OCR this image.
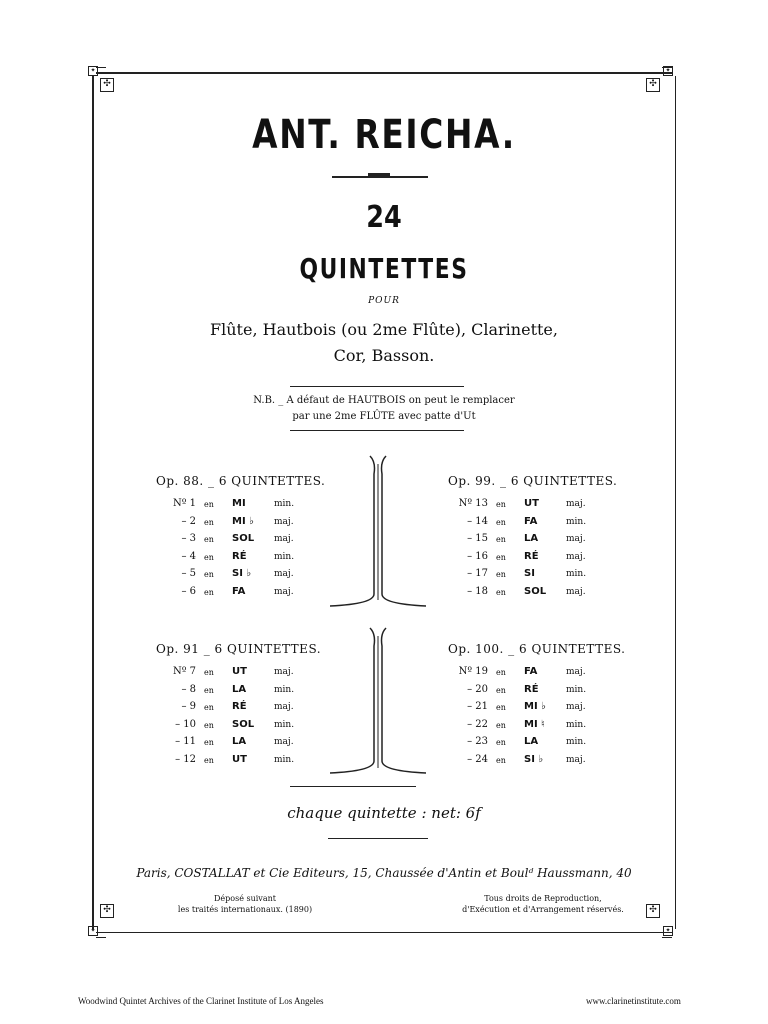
✣	✣
✣	✣
✦	✦
✦	✦
ANT. REICHA.
24
QUINTETTES
POUR
Flûte, Hautbois (ou 2me Flûte), Clarinette,
Cor, Basson.
N.B. _ A défaut de HAUTBOIS on peut le remplacer
par une 2me FLÛTE avec patte d'Ut
Op. 88. _ 6 QUINTETTES.
Nº 1 en MI	min.
– 2 en MI ♭ maj.
– 3 en SOL maj.
– 4 en RÉ	min.
– 5 en SI ♭	maj.
– 6 en FA	maj.
Op. 99. _ 6 QUINTETTES.
Nº 13 en UT	maj.
– 14 en FA	min.
– 15 en LA	maj.
– 16 en RÉ	maj.
– 17 en SI	min.
– 18 en SOL maj.
Op. 91 _ 6 QUINTETTES.
Nº 7 en UT	maj.
– 8 en LA	min.
– 9 en RÉ	maj.
– 10 en SOL min.
– 11 en LA	maj.
– 12 en UT	min.
Op. 100. _ 6 QUINTETTES.
Nº 19 en FA	maj.
– 20 en RÉ	min.
– 21 en MI ♭ maj.
– 22 en MI ♮ min.
– 23 en LA	min.
– 24 en SI ♭	maj.
chaque quintette : net: 6f
Paris, COSTALLAT et Cie Editeurs, 15, Chaussée d'Antin et Boulᵈ Haussmann, 40
Déposé suivant
les traités internationaux. (1890)
Tous droits de Reproduction,
d'Exécution et d'Arrangement réservés.
Woodwind Quintet Archives of the Clarinet Institute of Los Angeles	www.clarinetinstitute.com
